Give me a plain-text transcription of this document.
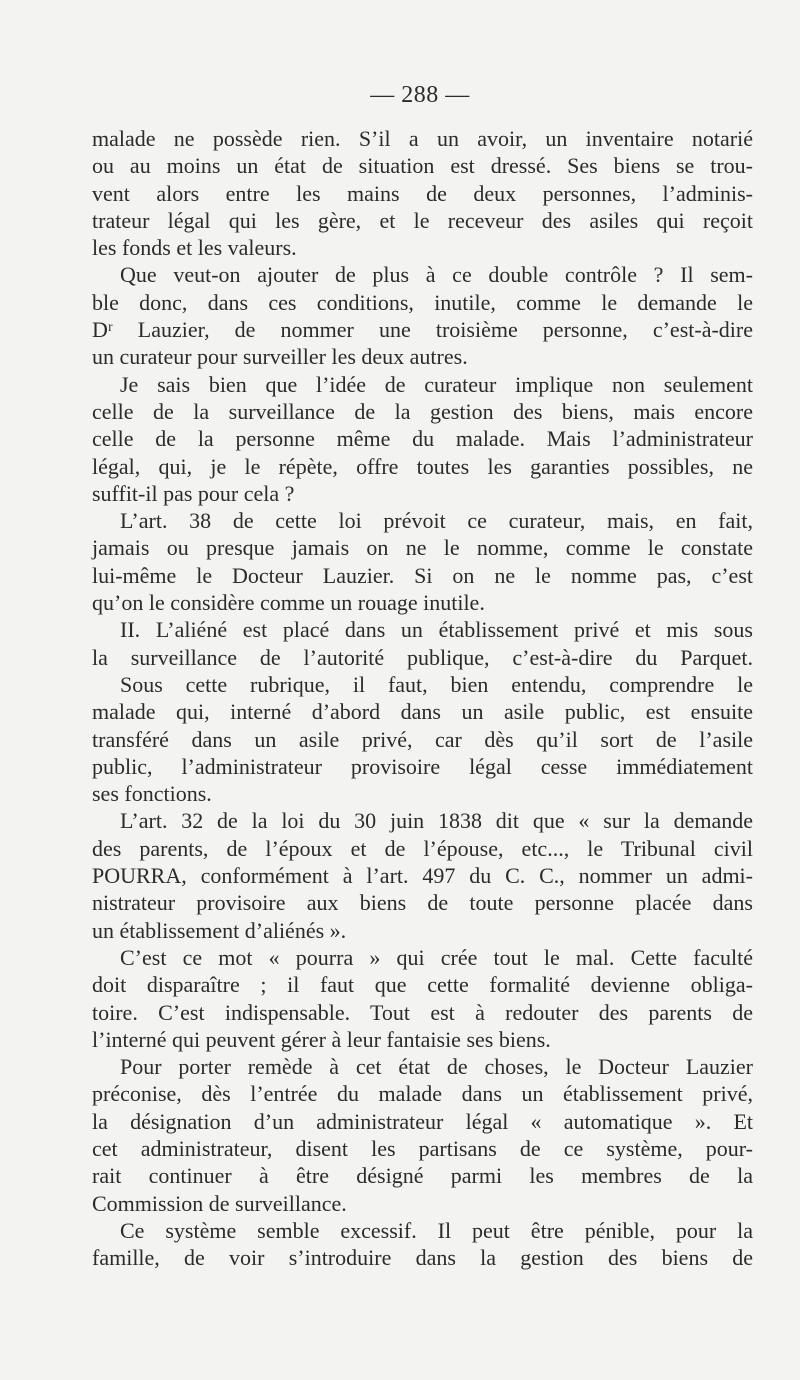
— 288 —
malade ne possède rien. S’il a un avoir, un inventaire notarié
ou au moins un état de situation est dressé. Ses biens se trou-
vent alors entre les mains de deux personnes, l’adminis-
trateur légal qui les gère, et le receveur des asiles qui reçoit
les fonds et les valeurs.
Que veut-on ajouter de plus à ce double contrôle ? Il sem-
ble donc, dans ces conditions, inutile, comme le demande le
Dʳ Lauzier, de nommer une troisième personne, c’est-à-dire
un curateur pour surveiller les deux autres.
Je sais bien que l’idée de curateur implique non seulement
celle de la surveillance de la gestion des biens, mais encore
celle de la personne même du malade. Mais l’administrateur
légal, qui, je le répète, offre toutes les garanties possibles, ne
suffit-il pas pour cela ?
L’art. 38 de cette loi prévoit ce curateur, mais, en fait,
jamais ou presque jamais on ne le nomme, comme le constate
lui-même le Docteur Lauzier. Si on ne le nomme pas, c’est
qu’on le considère comme un rouage inutile.
II. L’aliéné est placé dans un établissement privé et mis sous
la surveillance de l’autorité publique, c’est-à-dire du Parquet.
Sous cette rubrique, il faut, bien entendu, comprendre le
malade qui, interné d’abord dans un asile public, est ensuite
transféré dans un asile privé, car dès qu’il sort de l’asile
public, l’administrateur provisoire légal cesse immédiatement
ses fonctions.
L’art. 32 de la loi du 30 juin 1838 dit que « sur la demande
des parents, de l’époux et de l’épouse, etc..., le Tribunal civil
POURRA, conformément à l’art. 497 du C. C., nommer un admi-
nistrateur provisoire aux biens de toute personne placée dans
un établissement d’aliénés ».
C’est ce mot « pourra » qui crée tout le mal. Cette faculté
doit disparaître ; il faut que cette formalité devienne obliga-
toire. C’est indispensable. Tout est à redouter des parents de
l’interné qui peuvent gérer à leur fantaisie ses biens.
Pour porter remède à cet état de choses, le Docteur Lauzier
préconise, dès l’entrée du malade dans un établissement privé,
la désignation d’un administrateur légal « automatique ». Et
cet administrateur, disent les partisans de ce système, pour-
rait continuer à être désigné parmi les membres de la
Commission de surveillance.
Ce système semble excessif. Il peut être pénible, pour la
famille, de voir s’introduire dans la gestion des biens de
